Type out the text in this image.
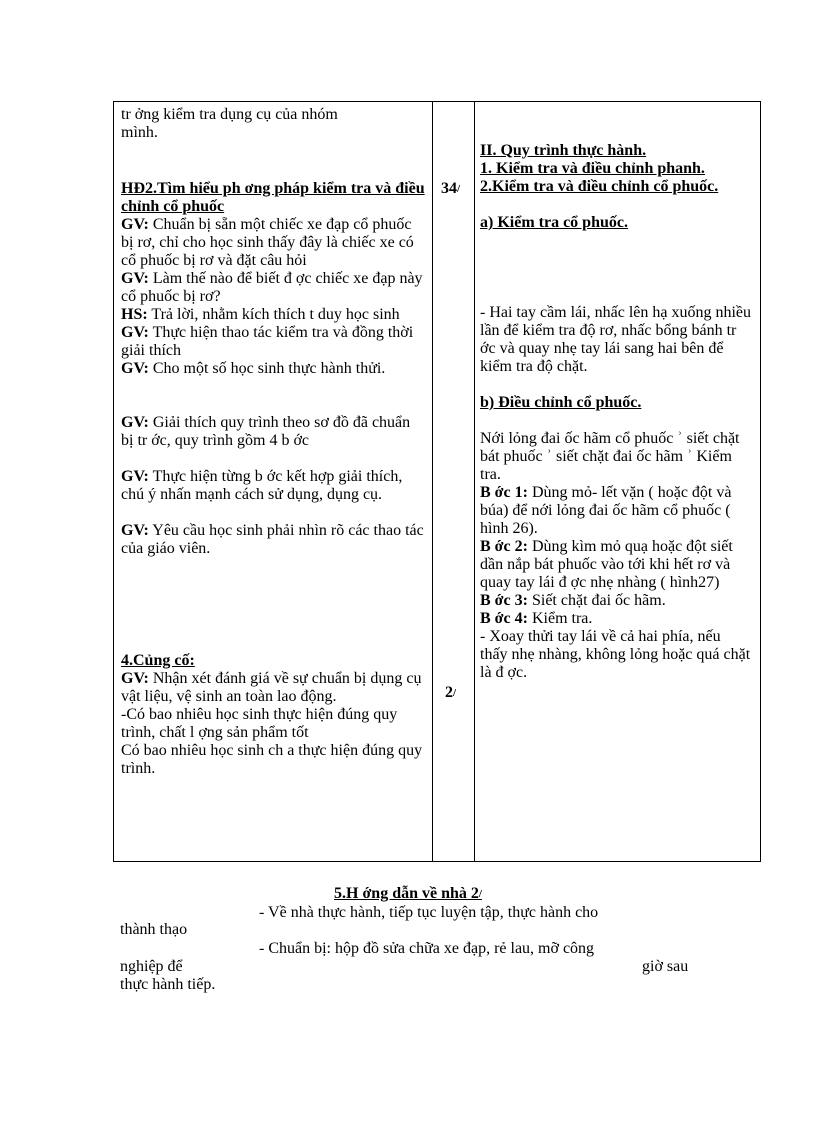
tr ởng kiểm tra dụng cụ của nhóm

mình.

HĐ2.Tìm hiểu ph ơng pháp kiểm tra và điều chỉnh cổ phuốc

GV: Chuẩn bị sẵn một chiếc xe đạp cổ phuốc bị rơ, chỉ cho học sinh thấy đây là chiếc xe có cổ phuốc bị rơ và đặt câu hỏi

GV: Làm thế nào để biết đ ợc chiếc xe đạp này cổ phuốc bị rơ?

HS: Trả lời, nhằm kích thích t duy học sinh

GV: Thực hiện thao tác kiểm tra và đồng thời giải thích

GV: Cho một số học sinh thực hành thửi.

GV: Giải thích quy trình theo sơ đồ đã chuẩn bị tr ớc, quy trình gồm 4 b ớc

GV: Thực hiện từng b ớc kết hợp giải thích, chú ý nhấn mạnh cách sử dụng, dụng cụ.

GV: Yêu cầu học sinh phải nhìn rõ các thao tác của giáo viên.

4.Củng cố:

GV: Nhận xét đánh giá về sự chuẩn bị dụng cụ vật liệu, vệ sinh an toàn lao động.

-Có bao nhiêu học sinh thực hiện đúng quy trình, chất l ợng sản phẩm tốt

Có bao nhiêu học sinh ch a thực hiện đúng quy trình.

34/
2/

II. Quy trình thực hành.

1. Kiểm tra và điều chỉnh phanh.

2.Kiểm tra và điều chỉnh cổ phuốc.

a) Kiểm tra cổ phuốc.

- Hai tay cầm lái, nhấc lên hạ xuống nhiều lần để kiểm tra độ rơ, nhấc bổng bánh tr ớc và quay nhẹ tay lái sang hai bên để kiểm tra độ chặt.

b) Điều chỉnh cổ phuốc.

Nới lỏng đai ốc hãm cổ phuốc ʾ siết chặt bát phuốc ʾ siết chặt đai ốc hãm ʾ Kiểm tra.

B ớc 1: Dùng mỏ- lết vặn ( hoặc đột và búa) để nới lỏng đai ốc hãm cổ phuốc ( hình 26).

B ớc 2: Dùng kìm mỏ quạ hoặc đột siết dần nắp bát phuốc vào tới khi hết rơ và quay tay lái đ ợc nhẹ nhàng ( hình27)

B ớc 3: Siết chặt đai ốc hãm.

B ớc 4: Kiểm tra.

- Xoay thửi tay lái về cả hai phía, nếu thấy nhẹ nhàng, không lỏng hoặc quá chặt là đ ợc.

5.H ớng dẫn về nhà 2/
- Về nhà thực hành, tiếp tục luyện tập, thực hành cho
thành thạo
- Chuẩn bị: hộp đồ sửa chữa xe đạp, rẻ lau, mỡ công
nghiệp để	giờ sau
thực hành tiếp.
